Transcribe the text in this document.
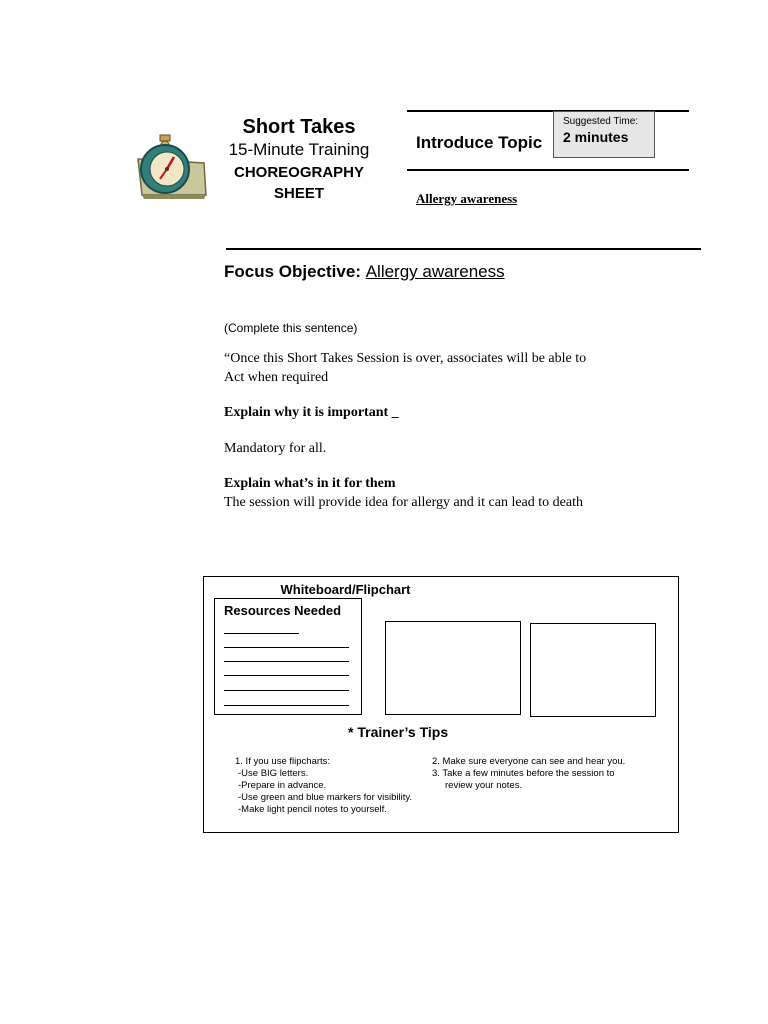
Short Takes
15-Minute Training
CHOREOGRAPHY
SHEET
Introduce Topic
Suggested Time:
2 minutes
Allergy awareness
Focus Objective: Allergy awareness
(Complete this sentence)
“Once this Short Takes Session is over, associates will be able to
Act when required
Explain why it is important _
Mandatory for all.
Explain what’s in it for them
The session will provide idea for allergy and it can lead to death
Whiteboard/Flipchart
Resources Needed
* Trainer’s Tips
1. If you use flipcharts:
-Use BIG letters.
-Prepare in advance.
-Use green and blue markers for visibility.
-Make light pencil notes to yourself.
2. Make sure everyone can see and hear you.
3. Take a few minutes before the session to
review your notes.
